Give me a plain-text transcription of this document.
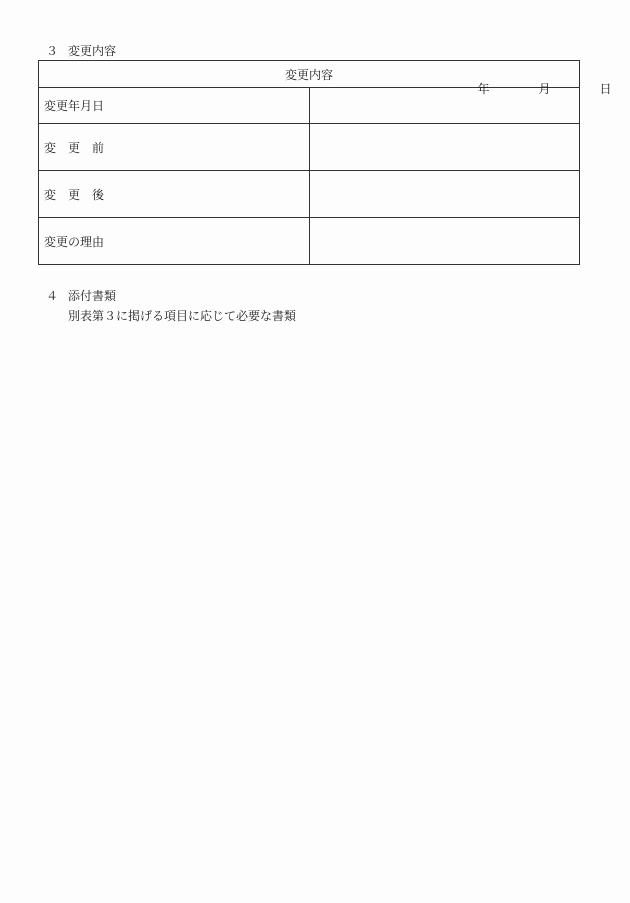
３ 変更内容
変更内容	
変更年月日	年 月 日

変 更 前	
変 更 後	
変更の理由	
４ 添付書類
別表第３に掲げる項目に応じて必要な書類
